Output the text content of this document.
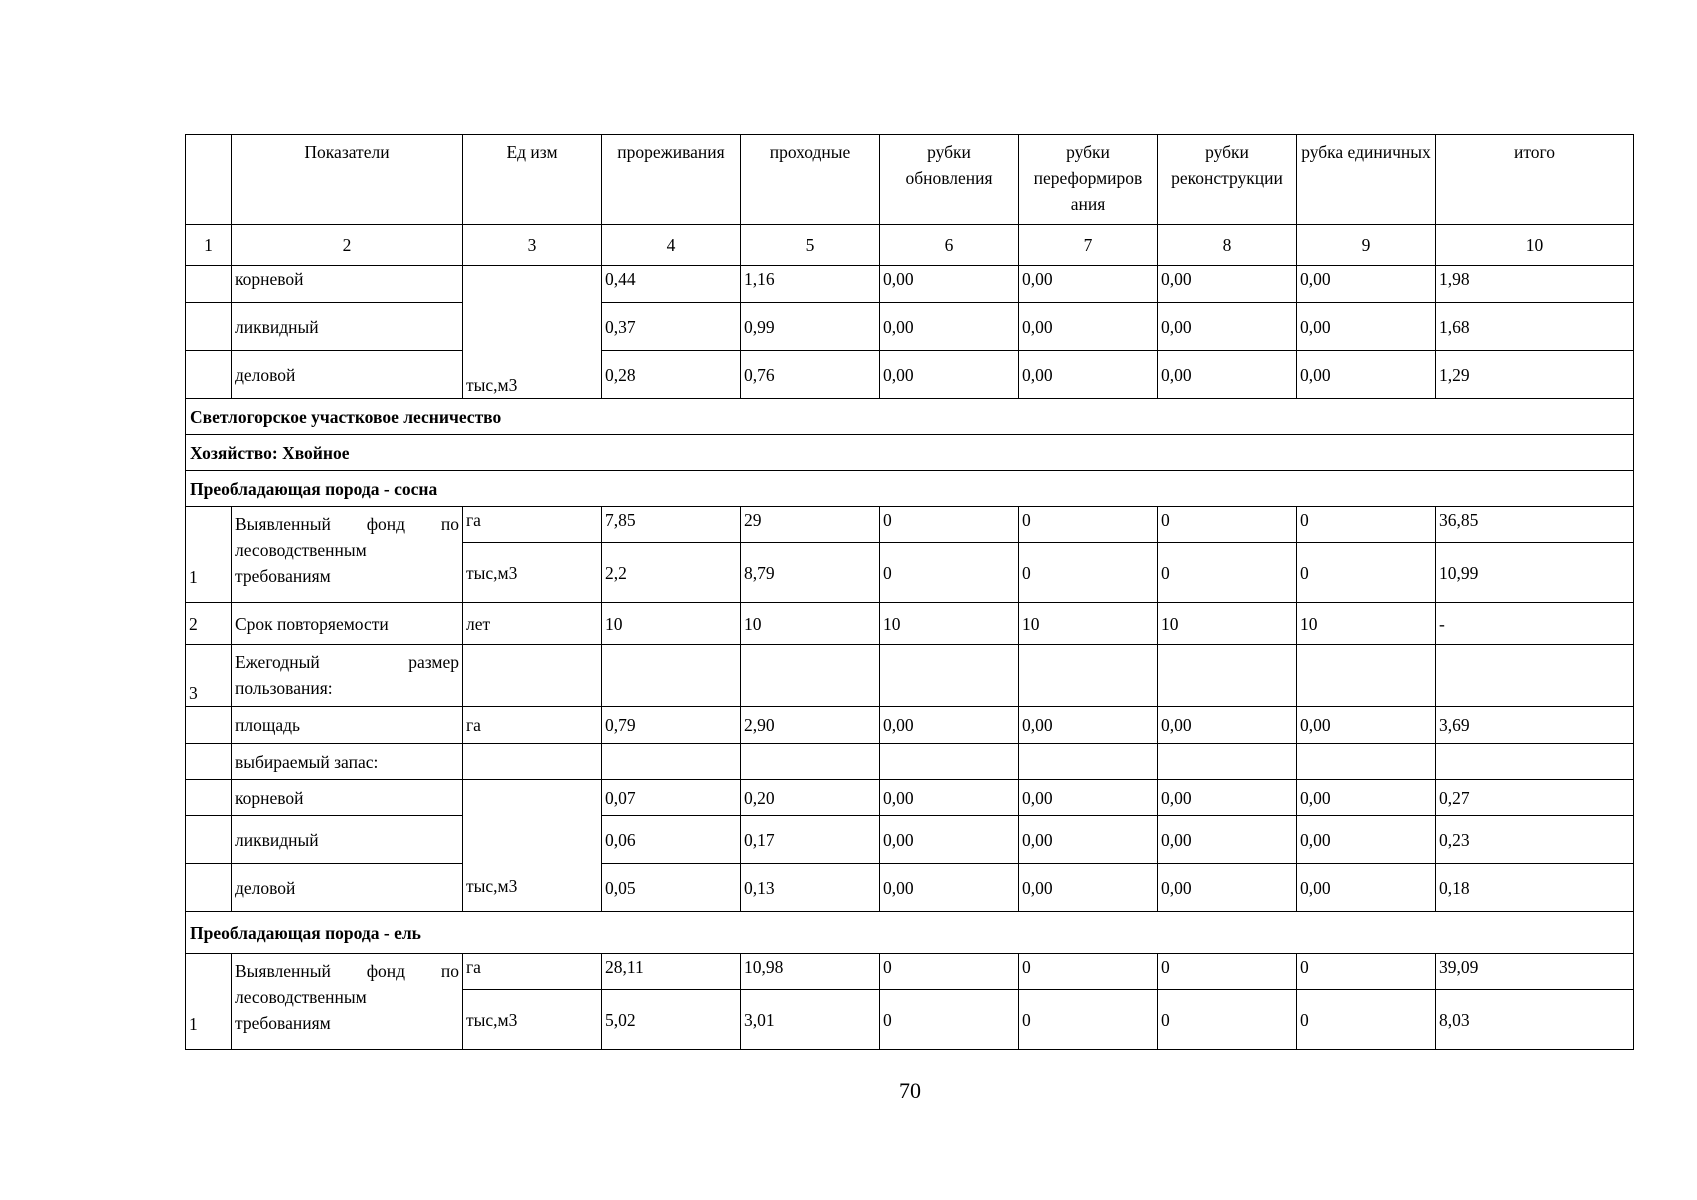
	Показатели	Ед изм	прореживания	проходные	рубки обновления	рубки переформиров
ания	рубки реконструкции	рубка единичных	итого
1	2	3	4	5	6	7	8	9	10
	корневой	тыс,м3	0,44	1,16	0,00	0,00	0,00	0,00	1,98
	ликвидный		0,37	0,99	0,00	0,00	0,00	0,00	1,68
	деловой		0,28	0,76	0,00	0,00	0,00	0,00	1,29
Светлогорское участковое лесничество									
Хозяйство: Хвойное									
Преобладающая порода - сосна									
1	Выявленный фонд по
лесоводственным
требованиям	га	7,85	29	0	0	0	0	36,85
		тыс,м3	2,2	8,79	0	0	0	0	10,99
2	Срок повторяемости	лет	10	10	10	10	10	10	-
3	Ежегодный размер
пользования:								

	площадь	га	0,79	2,90	0,00	0,00	0,00	0,00	3,69
	выбираемый запас:								
	корневой	тыс,м3	0,07	0,20	0,00	0,00	0,00	0,00	0,27
	ликвидный		0,06	0,17	0,00	0,00	0,00	0,00	0,23
	деловой		0,05	0,13	0,00	0,00	0,00	0,00	0,18
Преобладающая порода - ель									
1	Выявленный фонд по
лесоводственным
требованиям	га	28,11	10,98	0	0	0	0	39,09
		тыс,м3	5,02	3,01	0	0	0	0	8,03
70
